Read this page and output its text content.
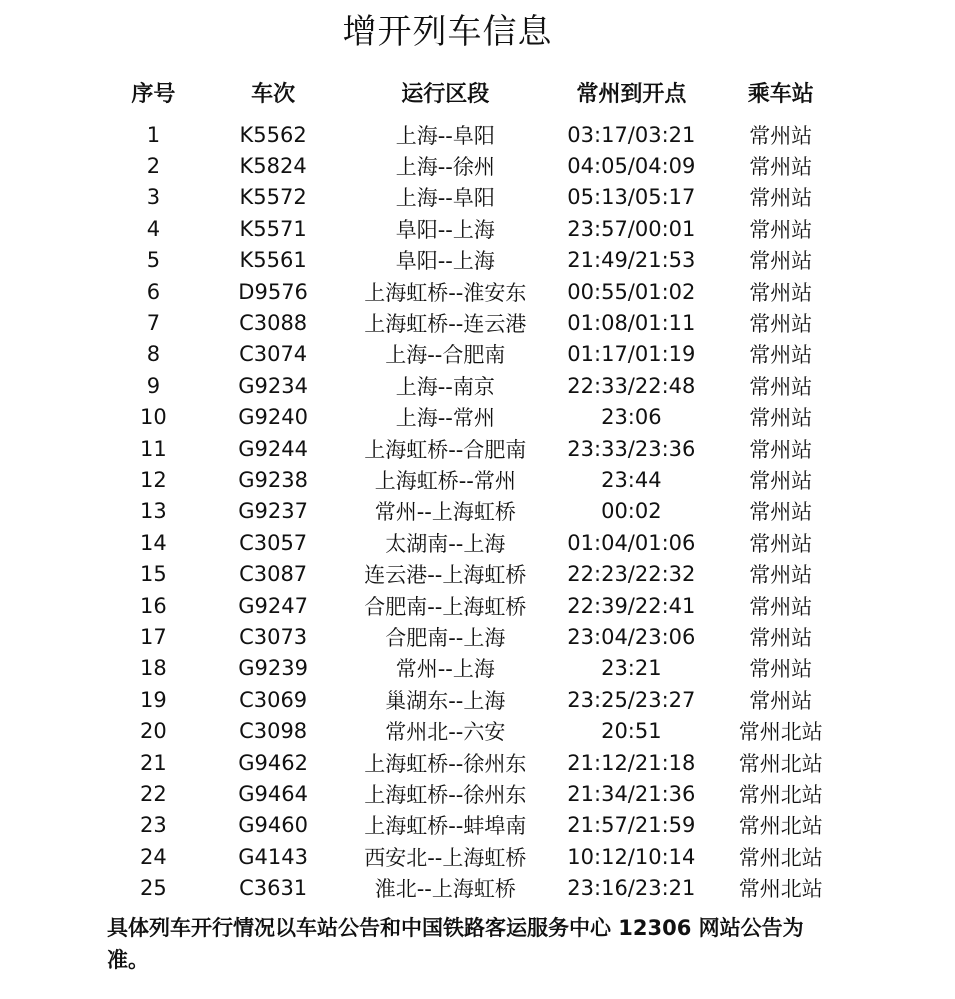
增开列车信息
序号	车次	运行区段	常州到开点	乘车站
1	K5562	上海--阜阳	03:17/03:21	常州站
2	K5824	上海--徐州	04:05/04:09	常州站
3	K5572	上海--阜阳	05:13/05:17	常州站
4	K5571	阜阳--上海	23:57/00:01	常州站
5	K5561	阜阳--上海	21:49/21:53	常州站
6	D9576	上海虹桥--淮安东	00:55/01:02	常州站
7	C3088	上海虹桥--连云港	01:08/01:11	常州站
8	C3074	上海--合肥南	01:17/01:19	常州站
9	G9234	上海--南京	22:33/22:48	常州站
10	G9240	上海--常州	23:06	常州站
11	G9244	上海虹桥--合肥南	23:33/23:36	常州站
12	G9238	上海虹桥--常州	23:44	常州站
13	G9237	常州--上海虹桥	00:02	常州站
14	C3057	太湖南--上海	01:04/01:06	常州站
15	C3087	连云港--上海虹桥	22:23/22:32	常州站
16	G9247	合肥南--上海虹桥	22:39/22:41	常州站
17	C3073	合肥南--上海	23:04/23:06	常州站
18	G9239	常州--上海	23:21	常州站
19	C3069	巢湖东--上海	23:25/23:27	常州站
20	C3098	常州北--六安	20:51	常州北站
21	G9462	上海虹桥--徐州东	21:12/21:18	常州北站
22	G9464	上海虹桥--徐州东	21:34/21:36	常州北站
23	G9460	上海虹桥--蚌埠南	21:57/21:59	常州北站
24	G4143	西安北--上海虹桥	10:12/10:14	常州北站
25	C3631	淮北--上海虹桥	23:16/23:21	常州北站
具体列车开行情况以车站公告和中国铁路客运服务中心 12306 网站公告为准。
